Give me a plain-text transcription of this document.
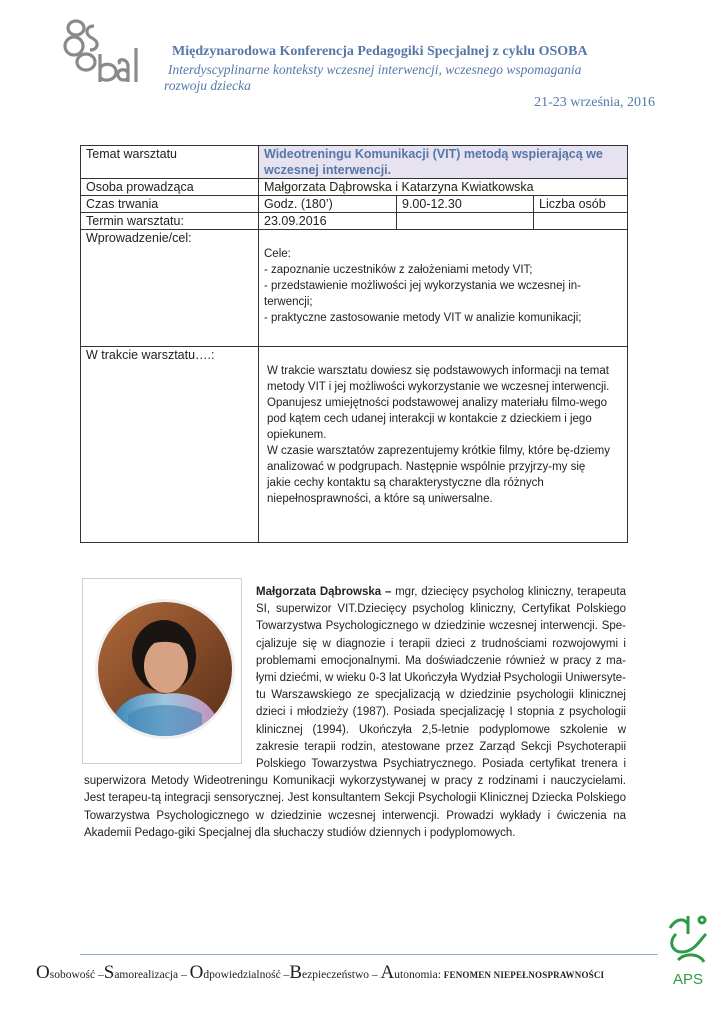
Międzynarodowa Konferencja Pedagogiki Specjalnej z cyklu OSOBA
Interdyscyplinarne konteksty wczesnej interwencji, wczesnego wspomagania
rozwoju dziecka
21-23 września, 2016
Temat warsztatu	Wideotreningu Komunikacji (VIT) metodą wspierającą we wczesnej interwencji.		
Osoba prowadząca	Małgorzata Dąbrowska i Katarzyna Kwiatkowska		
Czas trwania	Godz. (180’)	9.00-12.30	Liczba osób
Termin warsztatu:	23.09.2016		
Wprowadzenie/cel:	Cele:
- zapoznanie uczestników z założeniami metody VIT;
- przedstawienie możliwości jej wykorzystania we wczesnej in-terwencji;
- praktyczne zastosowanie metody VIT w analizie komunikacji;		

W trakcie warsztatu….:	W trakcie warsztatu dowiesz się podstawowych informacji na temat metody VIT i jej możliwości wykorzystanie we wczesnej interwencji.
Opanujesz umiejętności podstawowej analizy materiału filmo-wego pod kątem cech udanej interakcji w kontakcie z dzieckiem i jego opiekunem.
W czasie warsztatów zaprezentujemy krótkie filmy, które bę-dziemy analizować w podgrupach. Następnie wspólnie przyjrzy-my się jakie cechy kontaktu są charakterystyczne dla różnych niepełnosprawności, a które są uniwersalne.		
Małgorzata Dąbrowska – mgr, dziecięcy psycholog kliniczny, terapeuta SI, superwizor VIT.Dziecięcy psycholog kliniczny, Certyfikat Polskiego Towarzystwa Psychologicznego w dziedzinie wczesnej interwencji. Spe-cjalizuje się w diagnozie i terapii dzieci z trudnościami rozwojowymi i problemami emocjonalnymi. Ma doświadczenie również w pracy z ma-łymi dziećmi, w wieku 0-3 lat Ukończyła Wydział Psychologii Uniwersyte-tu Warszawskiego ze specjalizacją w dziedzinie psychologii klinicznej dzieci i młodzieży (1987). Posiada specjalizację I stopnia z psychologii klinicznej (1994). Ukończyła 2,5-letnie podyplomowe szkolenie w zakresie terapii rodzin, atestowane przez Zarząd Sekcji Psychoterapii Polskiego Towarzystwa Psychiatrycznego. Posiada certyfikat trenera i superwizora Metody Wideotreningu Komunikacji wykorzystywanej w pracy z rodzinami i nauczycielami. Jest terapeu-tą integracji sensorycznej. Jest konsultantem Sekcji Psychologii Klinicznej Dziecka Polskiego Towarzystwa Psychologicznego w dziedzinie wczesnej interwencji. Prowadzi wykłady i ćwiczenia na Akademii Pedago-giki Specjalnej dla słuchaczy studiów dziennych i podyplomowych.
Osobowość –Samorealizacja – Odpowiedzialność –Bezpieczeństwo – Autonomia: FENOMEN NIEPEŁNOSPRAWNOŚCI	APS
